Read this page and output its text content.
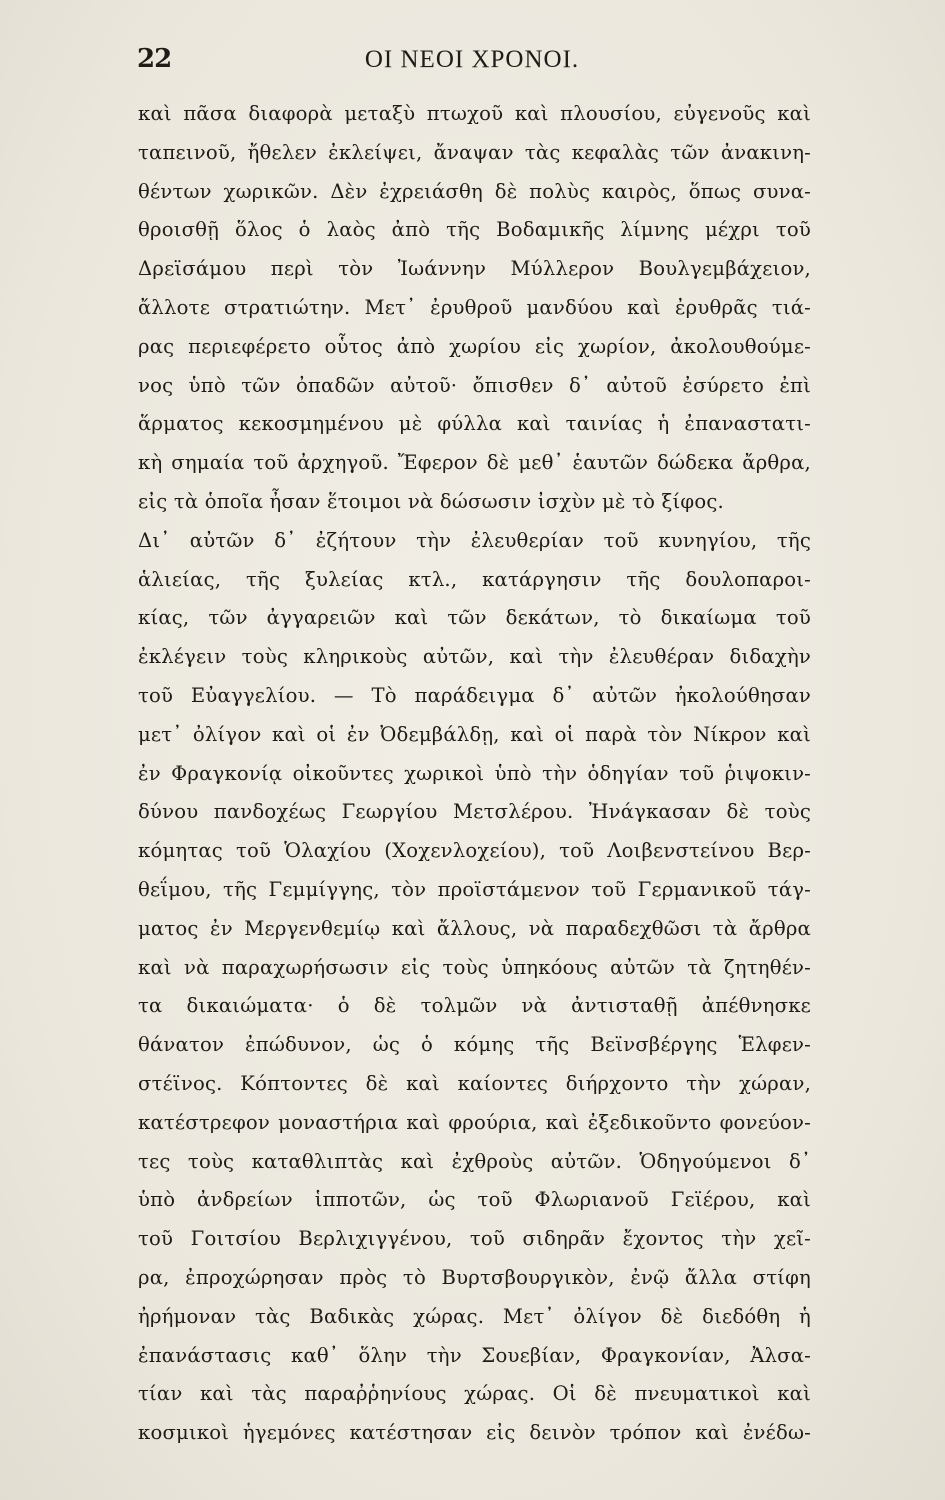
22	ΟΙ ΝΕΟΙ ΧΡΟΝΟΙ.
καὶ πᾶσα διαφορὰ μεταξὺ πτωχοῦ καὶ πλουσίου, εὐγενοῦς καὶ
ταπεινοῦ, ἤθελεν ἐκλείψει, ἄναψαν τὰς κεφαλὰς τῶν ἀνακινη-
θέντων χωρικῶν. Δὲν ἐχρειάσθη δὲ πολὺς καιρὸς, ὅπως συνα-
θροισθῇ ὅλος ὁ λαὸς ἀπὸ τῆς Βοδαμικῆς λίμνης μέχρι τοῦ
Δρεϊσάμου περὶ τὸν Ἰωάννην Μύλλερον Βουλγεμβάχειον,
ἄλλοτε στρατιώτην. Μετ᾽ ἐρυθροῦ μανδύου καὶ ἐρυθρᾶς τιά-
ρας περιεφέρετο οὗτος ἀπὸ χωρίου εἰς χωρίον, ἀκολουθούμε-
νος ὑπὸ τῶν ὀπαδῶν αὐτοῦ· ὄπισθεν δ᾽ αὐτοῦ ἐσύρετο ἐπὶ
ἅρματος κεκοσμημένου μὲ φύλλα καὶ ταινίας ἡ ἐπαναστατι-
κὴ σημαία τοῦ ἀρχηγοῦ. Ἔφερον δὲ μεθ᾽ ἑαυτῶν δώδεκα ἄρθρα,
εἰς τὰ ὁποῖα ἦσαν ἕτοιμοι νὰ δώσωσιν ἰσχὺν μὲ τὸ ξίφος.
Δι᾽ αὐτῶν δ᾽ ἐζήτουν τὴν ἐλευθερίαν τοῦ κυνηγίου, τῆς
ἁλιείας, τῆς ξυλείας κτλ., κατάργησιν τῆς δουλοπαροι-
κίας, τῶν ἀγγαρειῶν καὶ τῶν δεκάτων, τὸ δικαίωμα τοῦ
ἐκλέγειν τοὺς κληρικοὺς αὐτῶν, καὶ τὴν ἐλευθέραν διδαχὴν
τοῦ Εὐαγγελίου. — Τὸ παράδειγμα δ᾽ αὐτῶν ἠκολούθησαν
μετ᾽ ὀλίγον καὶ οἱ ἐν Ὀδεμβάλδῃ, καὶ οἱ παρὰ τὸν Νίκρον καὶ
ἐν Φραγκονίᾳ οἰκοῦντες χωρικοὶ ὑπὸ τὴν ὁδηγίαν τοῦ ῥιψοκιν-
δύνου πανδοχέως Γεωργίου Μετσλέρου. Ἠνάγκασαν δὲ τοὺς
κόμητας τοῦ Ὁλαχίου (Χοχενλοχείου), τοῦ Λοιβενστείνου Βερ-
θεΐμου, τῆς Γεμμίγγης, τὸν προϊστάμενον τοῦ Γερμανικοῦ τάγ-
ματος ἐν Μεργενθεμίῳ καὶ ἄλλους, νὰ παραδεχθῶσι τὰ ἄρθρα
καὶ νὰ παραχωρήσωσιν εἰς τοὺς ὑπηκόους αὐτῶν τὰ ζητηθέν-
τα δικαιώματα· ὁ δὲ τολμῶν νὰ ἀντισταθῇ ἀπέθνησκε
θάνατον ἐπώδυνον, ὡς ὁ κόμης τῆς Βεϊνσβέργης Ἑλφεν-
στέϊνος. Κόπτοντες δὲ καὶ καίοντες διήρχοντο τὴν χώραν,
κατέστρεφον μοναστήρια καὶ φρούρια, καὶ ἐξεδικοῦντο φονεύον-
τες τοὺς καταθλιπτὰς καὶ ἐχθροὺς αὐτῶν. Ὁδηγούμενοι δ᾽
ὑπὸ ἀνδρείων ἱπποτῶν, ὡς τοῦ Φλωριανοῦ Γεϊέρου, καὶ
τοῦ Γοιτσίου Βερλιχιγγένου, τοῦ σιδηρᾶν ἔχοντος τὴν χεῖ-
ρα, ἐπροχώρησαν πρὸς τὸ Βυρτσβουργικὸν, ἐνῷ ἄλλα στίφη
ἠρήμοναν τὰς Βαδικὰς χώρας. Μετ᾽ ὀλίγον δὲ διεδόθη ἡ
ἐπανάστασις καθ᾽ ὅλην τὴν Σουεβίαν, Φραγκονίαν, Ἀλσα-
τίαν καὶ τὰς παραῤῥηνίους χώρας. Οἱ δὲ πνευματικοὶ καὶ
κοσμικοὶ ἡγεμόνες κατέστησαν εἰς δεινὸν τρόπον καὶ ἐνέδω-
